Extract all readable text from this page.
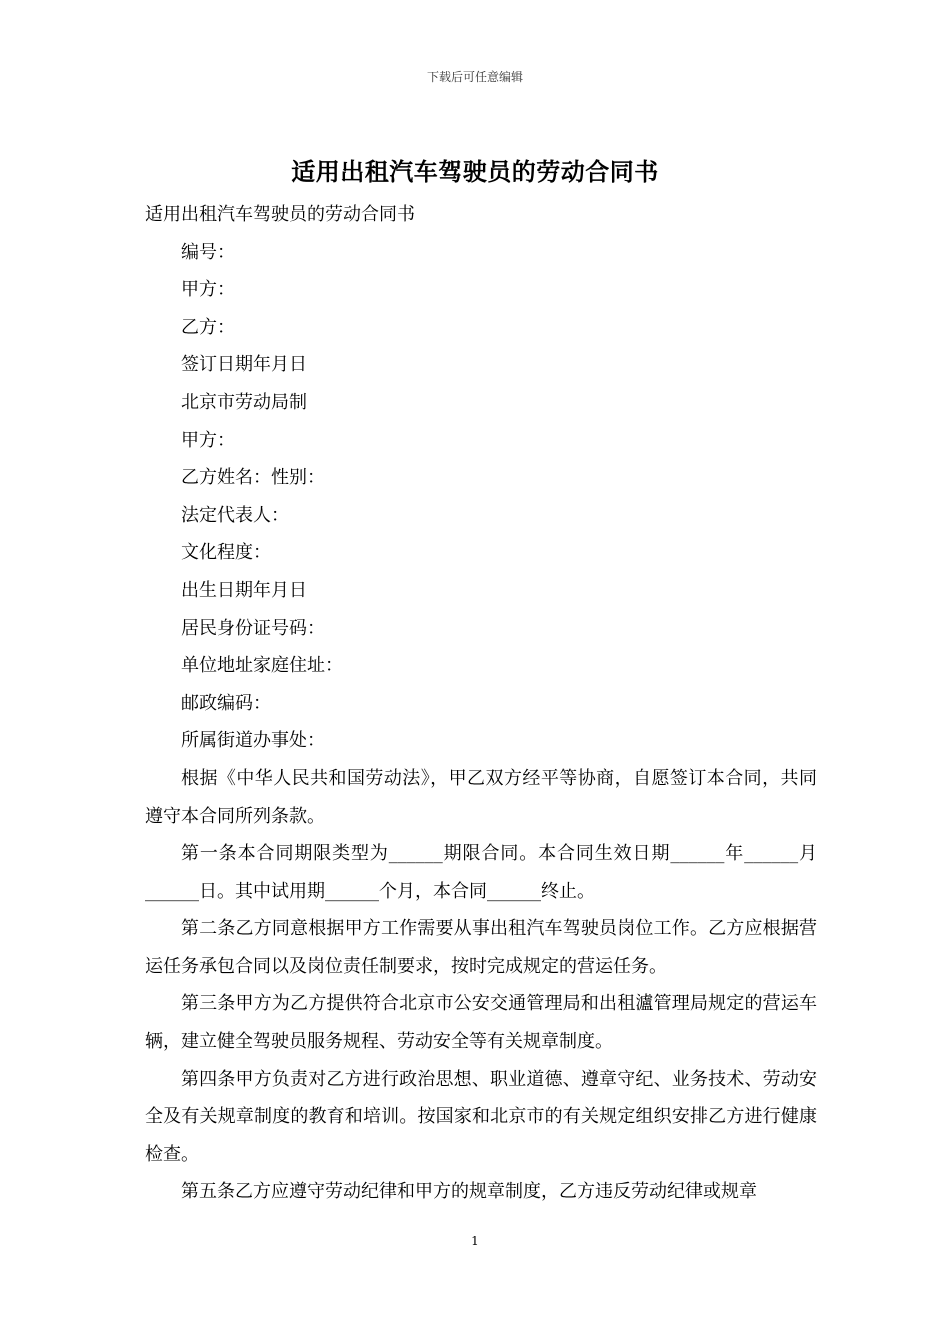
下载后可任意编辑
适用出租汽车驾驶员的劳动合同书

适用出租汽车驾驶员的劳动合同书

编号：

甲方：

乙方：

签订日期年月日

北京市劳动局制

甲方：

乙方姓名：性别：

法定代表人：

文化程度：

出生日期年月日

居民身份证号码：

单位地址家庭住址：

邮政编码：

所属街道办事处：

根据《中华人民共和国劳动法》，甲乙双方经平等协商，自愿签订本合同，共同遵守本合同所列条款。

第一条本合同期限类型为______期限合同。本合同生效日期______年______月______日。其中试用期______个月，本合同______终止。

第二条乙方同意根据甲方工作需要从事出租汽车驾驶员岗位工作。乙方应根据营运任务承包合同以及岗位责任制要求，按时完成规定的营运任务。

第三条甲方为乙方提供符合北京市公安交通管理局和出租瀘管理局规定的营运车辆，建立健全驾驶员服务规程、劳动安全等有关规章制度。

第四条甲方负责对乙方进行政治思想、职业道德、遵章守纪、业务技术、劳动安全及有关规章制度的教育和培训。按国家和北京市的有关规定组织安排乙方进行健康检查。

第五条乙方应遵守劳动纪律和甲方的规章制度，乙方违反劳动纪律或规章

1
